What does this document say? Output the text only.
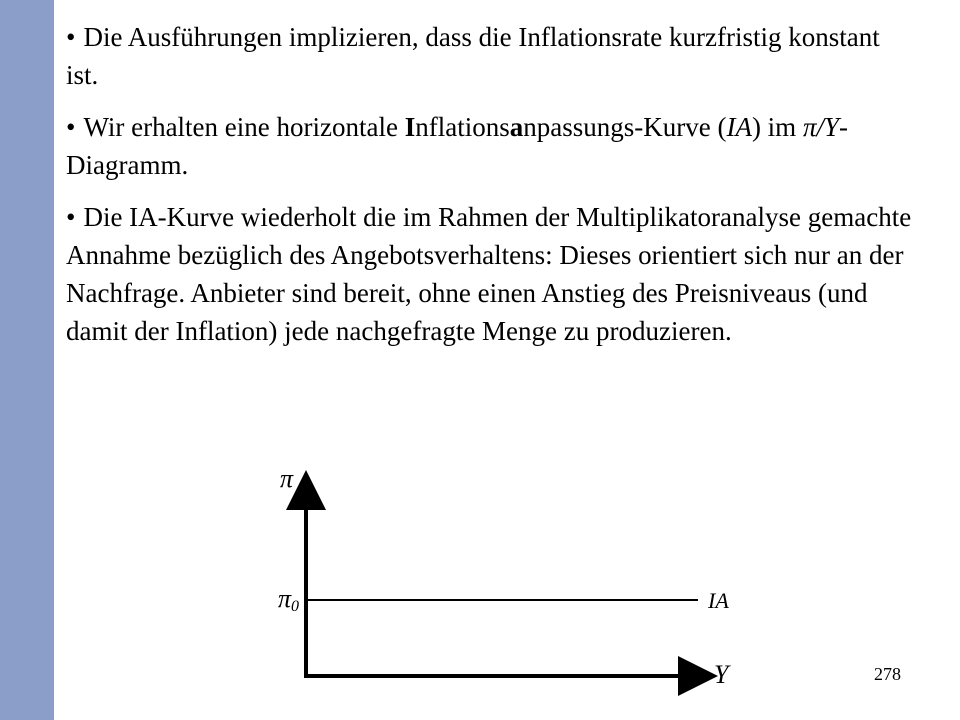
• Die Ausführungen implizieren, dass die Inflationsrate kurzfristig konstant ist.

• Wir erhalten eine horizontale Inflationsanpassungs-Kurve (IA) im π/Y-Diagramm.

• Die IA-Kurve wiederholt die im Rahmen der Multiplikatoranalyse gemachte Annahme bezüglich des Angebotsverhaltens: Dieses orientiert sich nur an der Nachfrage. Anbieter sind bereit, ohne einen Anstieg des Preisniveaus (und damit der Inflation) jede nachgefragte Menge zu produzieren.

π
$\pi_0$	IA
Y	278
